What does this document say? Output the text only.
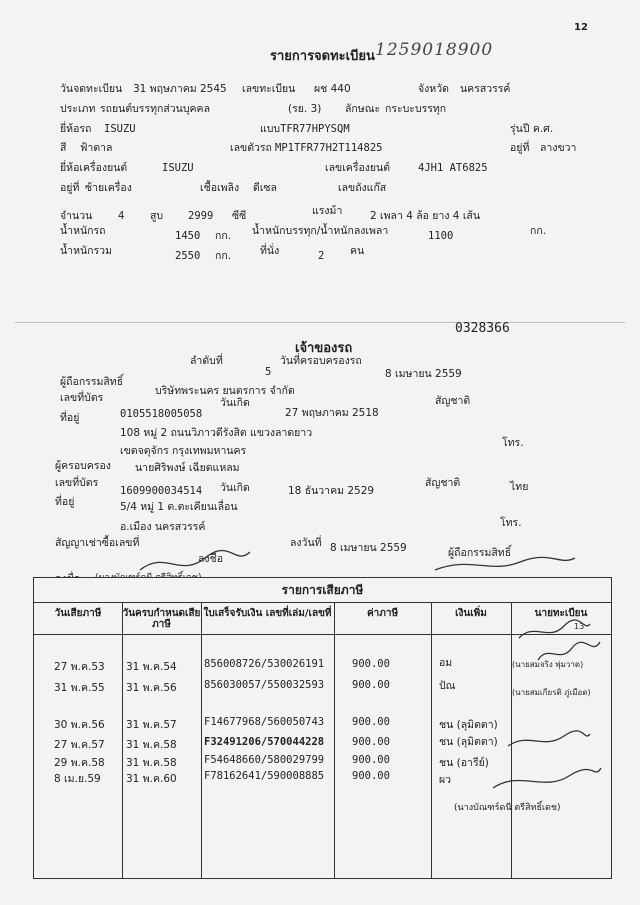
12
รายการจดทะเบียน 1259018900
วันจดทะเบียน 31 พฤษภาคม 2545 เลขทะเบียน ผช 440	จังหวัด นครสวรรค์
ประเภท รถยนต์บรรทุกส่วนบุคคล	(รย. 3) ลักษณะ กระบะบรรทุก
ยี่ห้อรถ ISUZU	แบบTFR77HPYSQM	รุ่นปี ค.ศ.
สี ฟ้าตาล	เลขตัวรถ MP1TFR77H2T114825	อยู่ที่ ลางขวา
ยี่ห้อเครื่องยนต์	ISUZU	เลขเครื่องยนต์	4JH1 AT6825
อยู่ที่ ซ้ายเครื่อง	เชื้อเพลิง ดีเซล	เลขถังแก๊ส
จำนวน 4 สูบ 2999 ซีซี	แรงม้า	2 เพลา 4 ล้อ ยาง 4 เส้น
น้ำหนักรถ	1450 กก. น้ำหนักบรรทุก/น้ำหนักลงเพลา	1100	กก.
น้ำหนักรวม	2550 กก.	ที่นั่ง	2 คน
0328366
เจ้าของรถ
ลำดับที่
5
วันที่ครอบครองรถ
8 เมษายน 2559
ผู้ถือกรรมสิทธิ์
บริษัทพระนคร ยนตรการ จำกัด
เลขที่บัตร
0105518005058
วันเกิด
27 พฤษภาคม 2518
สัญชาติ
ที่อยู่
108 หมู่ 2 ถนนวิภาวดีรังสิต แขวงลาดยาว
โทร.
เขตจตุจักร กรุงเทพมหานคร
ผู้ครอบครอง นายศิริพงษ์ เฉียดแหลม
เลขที่บัตร
1609900034514 วันเกิด	18 ธันวาคม 2529
สัญชาติ	ไทย
ที่อยู่	5/4 หมู่ 1 ต.ตะเคียนเลื่อน
อ.เมือง นครสวรรค์	โทร.
สัญญาเช่าซื้อเลขที่	ลงวันที่ 8 เมษายน 2559
ลงชื่อ	ผู้ถือกรรมสิทธิ์
รายการเสียภาษี
13
วันเสียภาษี	วันครบกำหนดเสียภาษี
ใบเสร็จรับเงิน เลขที่เล่ม/เลขที่	ค่าภาษี	เงินเพิ่ม	นายทะเบียน
27 พ.ค.53 31 พ.ค.54	856008726/530026191	900.00	อม	(นายสมจริง พุ่มวาด)
31 พ.ค.55 31 พ.ค.56	856030057/550032593	900.00	ปัณ
(นายสมเกียรติ ภู่เมือด)
30 พ.ค.56 31 พ.ค.57	F14677968/560050743	900.00	ชน (ลุมิตตา)
27 พ.ค.57 31 พ.ค.58	F32491206/570044228	900.00	ชน (ลุมิตตา)
29 พ.ค.58 31 พ.ค.58	F54648660/580029799	900.00	ชน (อารีย์)
8 เม.ย.59 31 พ.ค.60	F78162641/590008885	900.00	ผว
(นางบัณฑร์ดนี ตรีสิทธิ์เดช)
